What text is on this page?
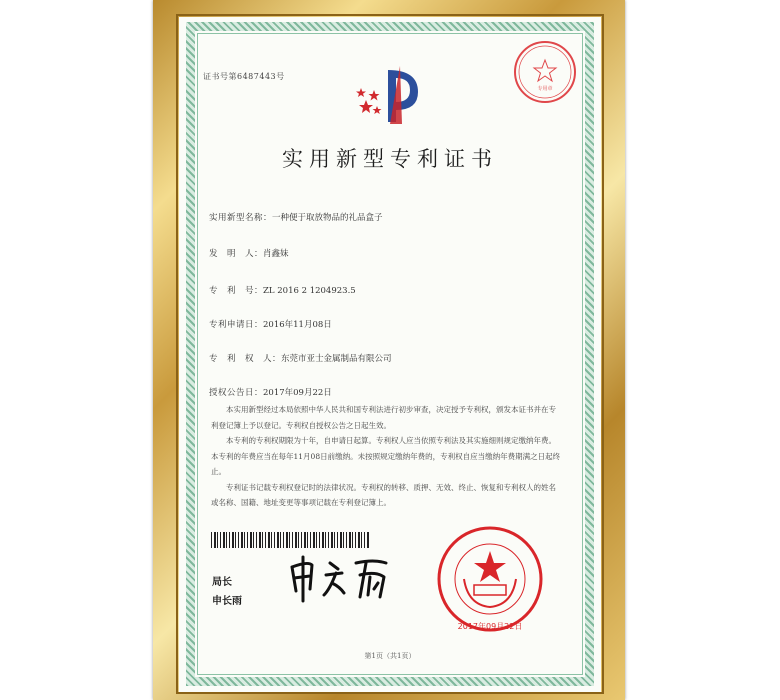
证书号第6487443号
专用章
实用新型专利证书
实用新型名称：一种便于取放物品的礼品盒子
发　明　人：肖鑫妹
专　利　号：ZL 2016 2 1204923.5
专利申请日：2016年11月08日
专　利　权　人：东莞市亚士金属制品有限公司
授权公告日：2017年09月22日

本实用新型经过本局依照中华人民共和国专利法进行初步审查，决定授予专利权，颁发本证书并在专利登记簿上予以登记。专利权自授权公告之日起生效。

本专利的专利权期限为十年，自申请日起算。专利权人应当依照专利法及其实施细则规定缴纳年费。本专利的年费应当在每年11月08日前缴纳。未按照规定缴纳年费的，专利权自应当缴纳年费期满之日起终止。

专利证书记载专利权登记时的法律状况。专利权的转移、质押、无效、终止、恢复和专利权人的姓名或名称、国籍、地址变更等事项记载在专利登记簿上。

局长
申长雨
2017年09月22日
第1页（共1页）
